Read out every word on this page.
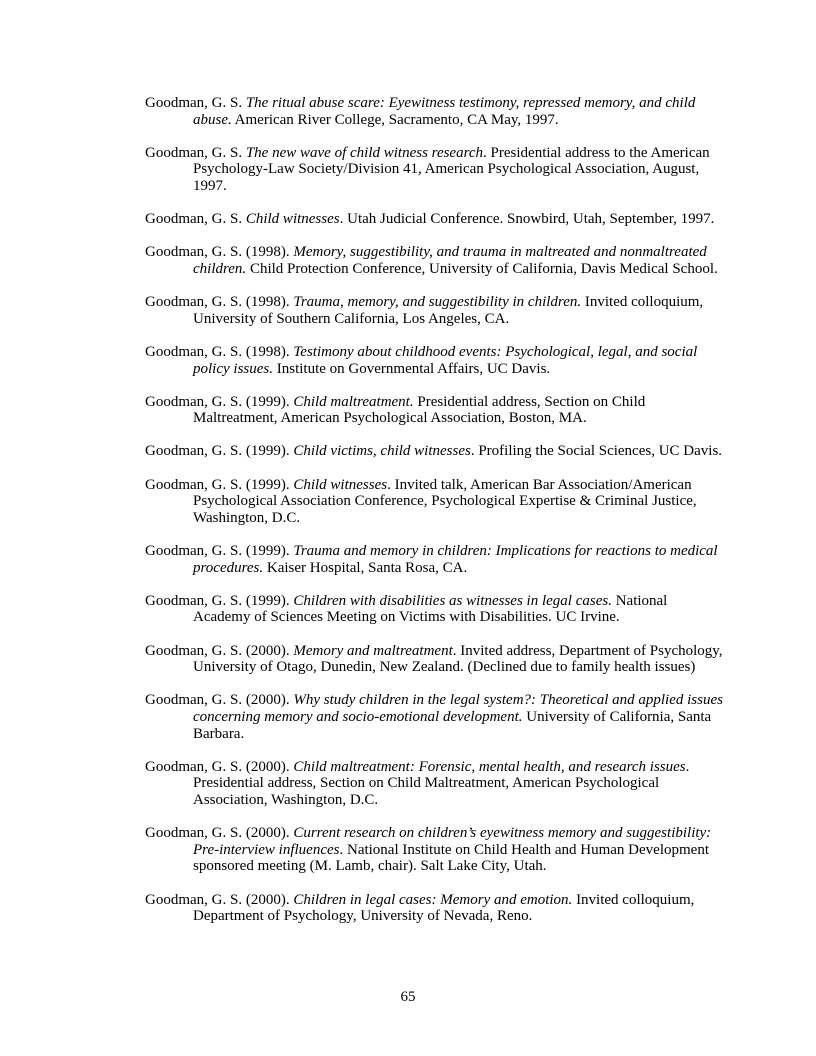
Goodman, G. S. The ritual abuse scare: Eyewitness testimony, repressed memory, and child abuse. American River College, Sacramento, CA May, 1997.

Goodman, G. S. The new wave of child witness research. Presidential address to the American Psychology-Law Society/Division 41, American Psychological Association, August, 1997.

Goodman, G. S. Child witnesses. Utah Judicial Conference. Snowbird, Utah, September, 1997.

Goodman, G. S. (1998). Memory, suggestibility, and trauma in maltreated and nonmaltreated children. Child Protection Conference, University of California, Davis Medical School.

Goodman, G. S. (1998). Trauma, memory, and suggestibility in children. Invited colloquium, University of Southern California, Los Angeles, CA.

Goodman, G. S. (1998). Testimony about childhood events: Psychological, legal, and social policy issues. Institute on Governmental Affairs, UC Davis.

Goodman, G. S. (1999). Child maltreatment. Presidential address, Section on Child Maltreatment, American Psychological Association, Boston, MA.

Goodman, G. S. (1999). Child victims, child witnesses. Profiling the Social Sciences, UC Davis.

Goodman, G. S. (1999). Child witnesses. Invited talk, American Bar Association/American Psychological Association Conference, Psychological Expertise & Criminal Justice, Washington, D.C.

Goodman, G. S. (1999). Trauma and memory in children: Implications for reactions to medical procedures. Kaiser Hospital, Santa Rosa, CA.

Goodman, G. S. (1999). Children with disabilities as witnesses in legal cases. National Academy of Sciences Meeting on Victims with Disabilities. UC Irvine.

Goodman, G. S. (2000). Memory and maltreatment. Invited address, Department of Psychology, University of Otago, Dunedin, New Zealand. (Declined due to family health issues)

Goodman, G. S. (2000). Why study children in the legal system?: Theoretical and applied issues concerning memory and socio-emotional development. University of California, Santa Barbara.

Goodman, G. S. (2000). Child maltreatment: Forensic, mental health, and research issues. Presidential address, Section on Child Maltreatment, American Psychological Association, Washington, D.C.

Goodman, G. S. (2000). Current research on children’s eyewitness memory and suggestibility: Pre-interview influences. National Institute on Child Health and Human Development sponsored meeting (M. Lamb, chair). Salt Lake City, Utah.

Goodman, G. S. (2000). Children in legal cases: Memory and emotion. Invited colloquium, Department of Psychology, University of Nevada, Reno.

65
